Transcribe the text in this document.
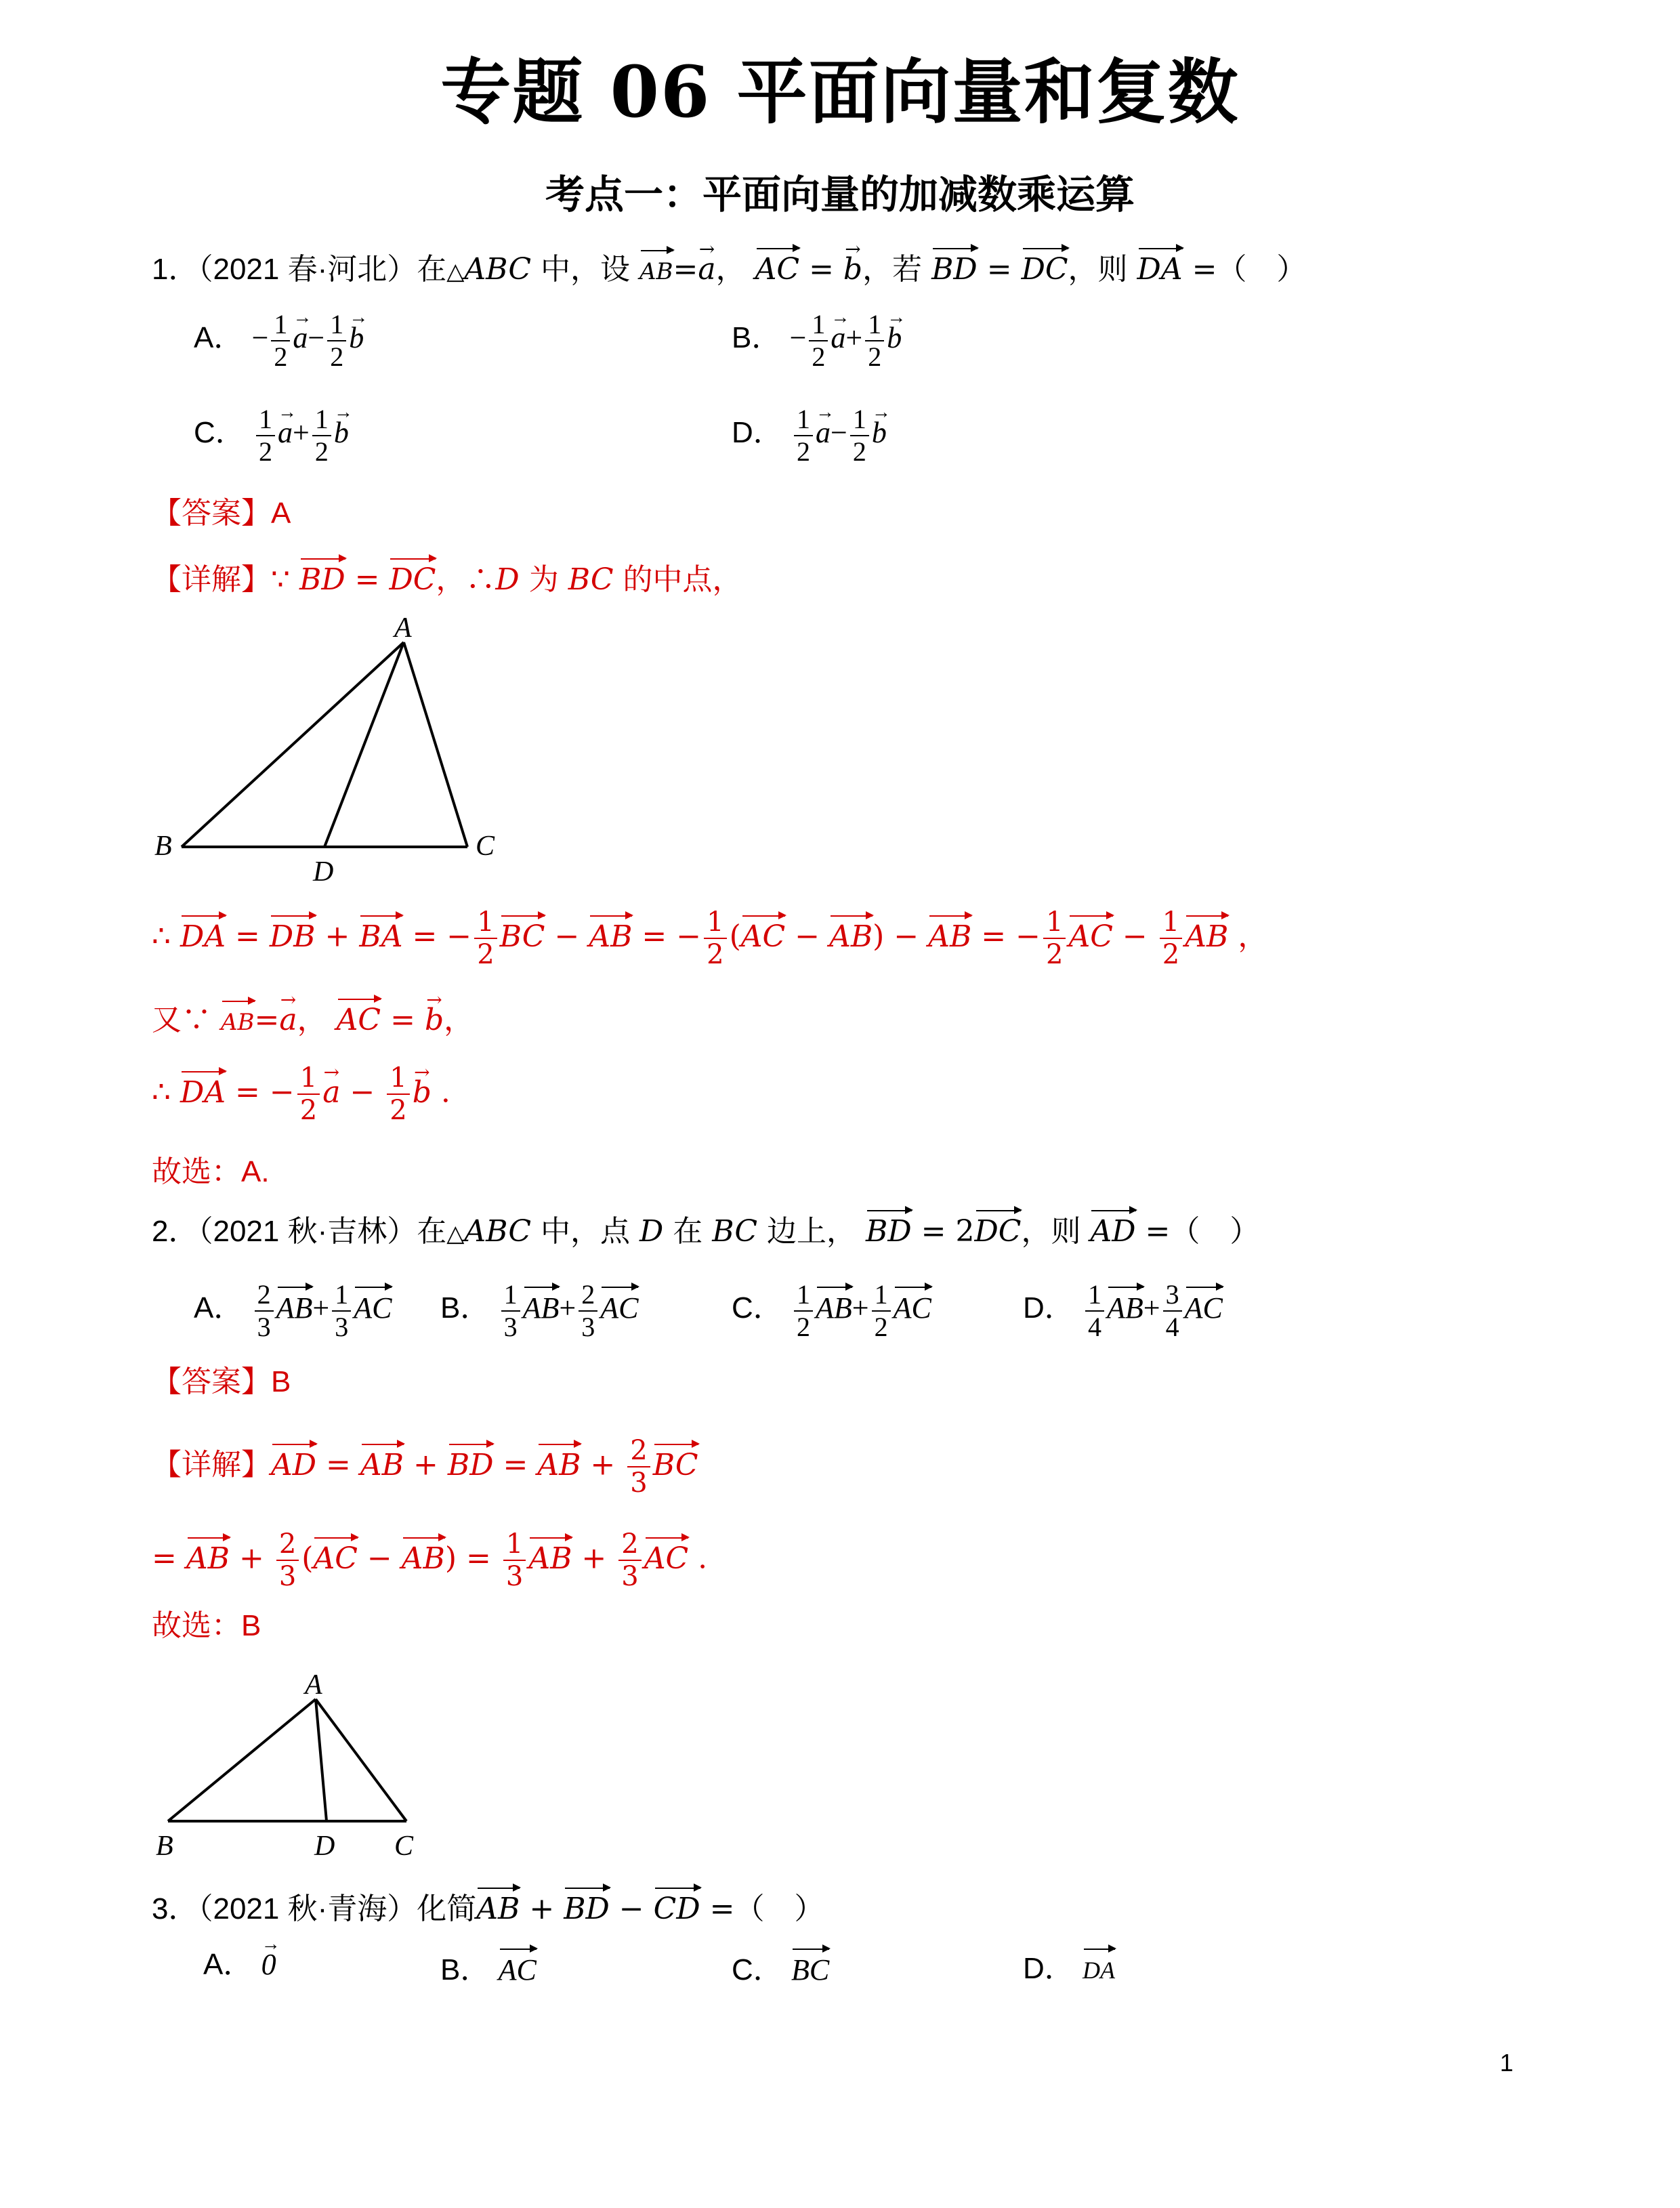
专题 06 平面向量和复数
考点一：平面向量的加减数乘运算
1．（2021 春·河北）在△ABC 中，设 AB=a →， AC = b →，若 BD = DC，则 DA =（　）
A． − $\frac{1}{2}$ $a \to- \frac{1}{2}$ b →	B． − $\frac{1}{2}$ $a \to+ \frac{1}{2}$ b →
C． $\frac{1}{2}$ $a \to+ \frac{1}{2}$ b →	D． $\frac{1}{2}$ $a \to- \frac{1}{2}$ b →
【答案】A
【详解】∵ BD = DC，∴D 为 BC 的中点，
A
B	C
D
∴ DA = DB + BA = − $\frac{1}{2}$ BC − AB = − $\frac{1}{2} (AC - AB)$ − AB = − $\frac{1}{2}$ AC − $\frac{1}{2}$ AB ，
又∵ AB=a →， AC = b →，
∴ DA = − $\frac{1}{2}$ a → − $\frac{1}{2}$ b → .
故选：A.
2．（2021 秋·吉林）在△ABC 中，点 D 在 BC 边上， BD = 2DC，则 AD =（　）
A． $\frac{2}{3} AB+ \frac{1}{3}$ AC B． $\frac{1}{3} AB+ \frac{2}{3}$ AC	C． $\frac{1}{2} AB+ \frac{1}{2}$ AC	D． $\frac{1}{4} AB+ \frac{3}{4}$ AC
【答案】B
【详解】AD = AB + BD = AB + $\frac{2}{3}$ BC
= AB + $\frac{2}{3} (AC - AB) = \frac{1}{3}$ AB + $\frac{2}{3}$ AC .
故选：B
A
B	C
D
3．（2021 秋·青海）化简AB + BD − CD =（　）
A． 0 →	B． AC	C． BC	D． DA
1
